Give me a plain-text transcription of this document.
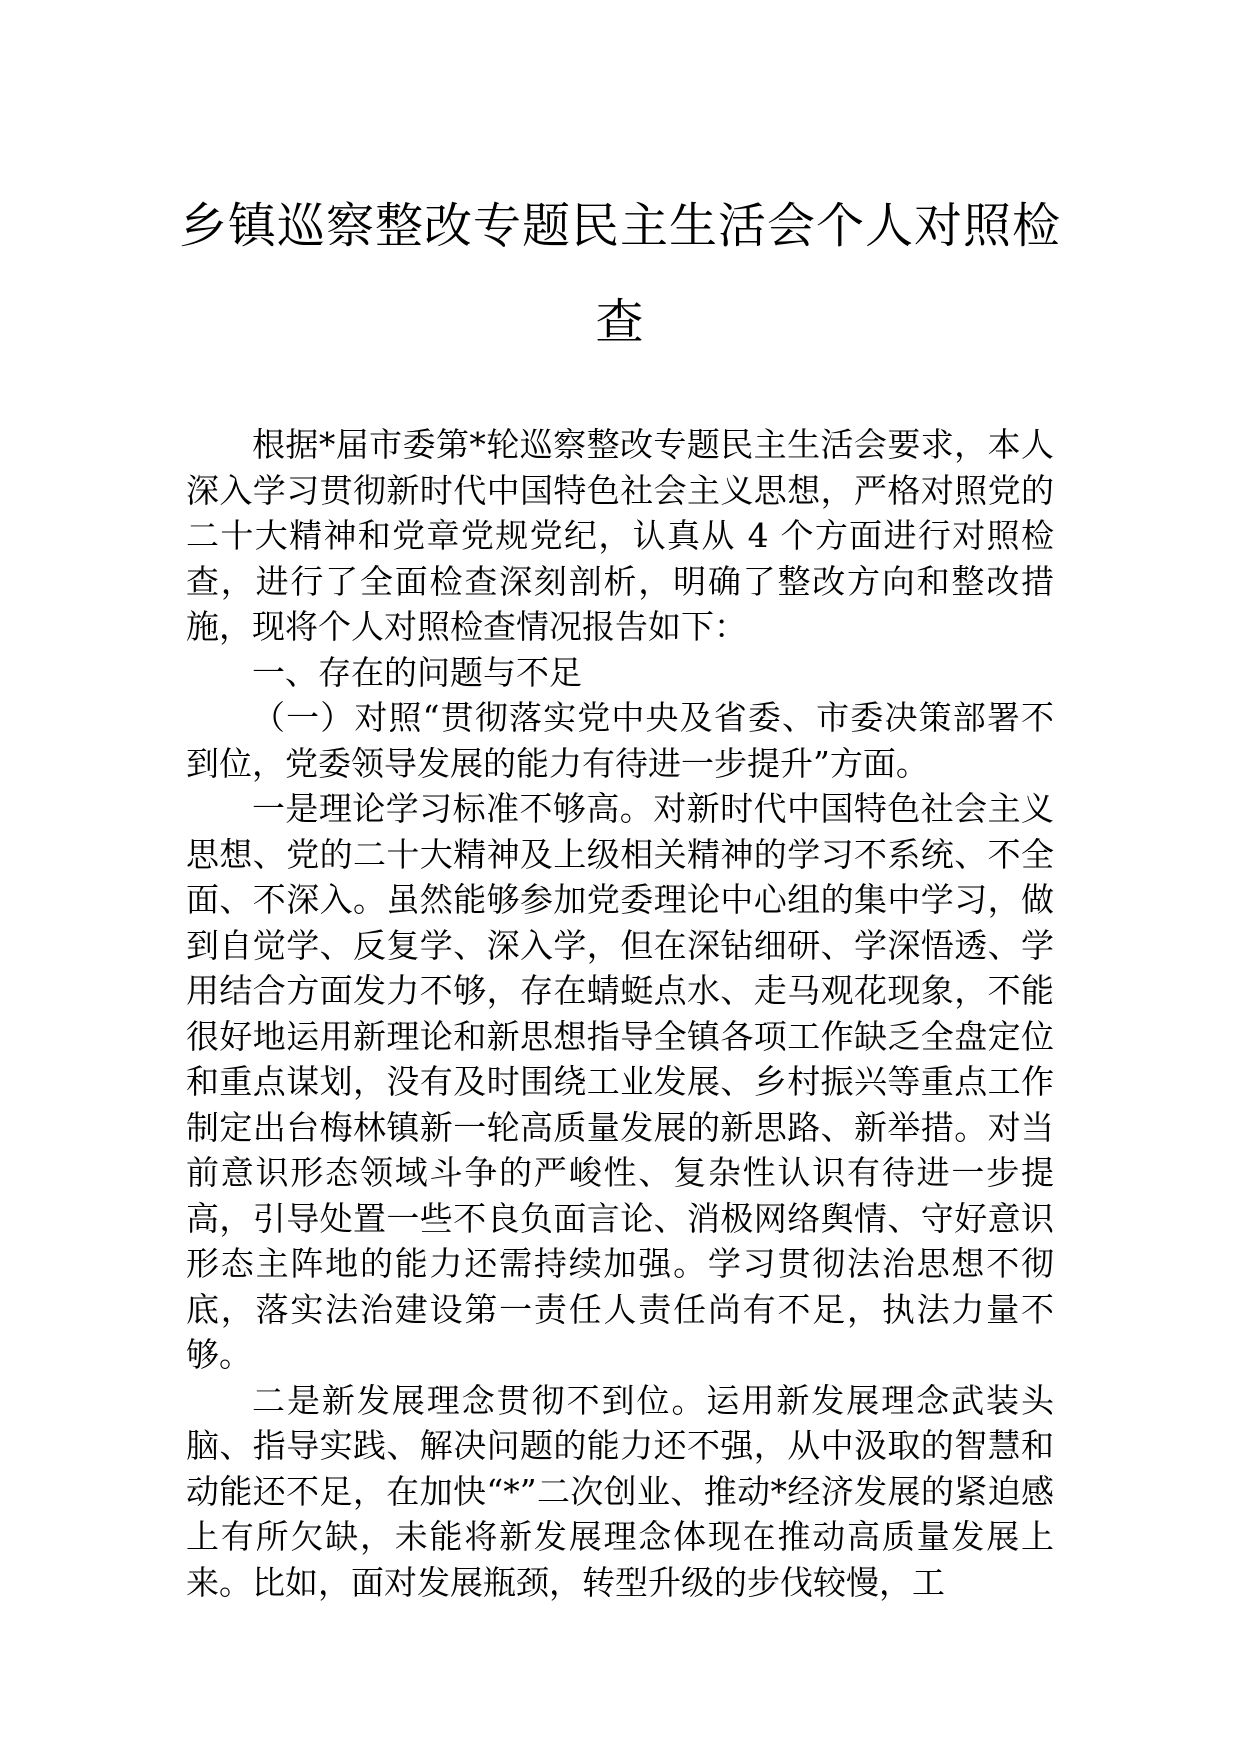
乡镇巡察整改专题民主生活会个人对照检查

根据*届市委第*轮巡察整改专题民主生活会要求，本人深入学习贯彻新时代中国特色社会主义思想，严格对照党的二十大精神和党章党规党纪，认真从 4 个方面进行对照检查，进行了全面检查深刻剖析，明确了整改方向和整改措施，现将个人对照检查情况报告如下：

一、存在的问题与不足

（一）对照“贯彻落实党中央及省委、市委决策部署不到位，党委领导发展的能力有待进一步提升”方面。

一是理论学习标准不够高。对新时代中国特色社会主义思想、党的二十大精神及上级相关精神的学习不系统、不全面、不深入。虽然能够参加党委理论中心组的集中学习，做到自觉学、反复学、深入学，但在深钻细研、学深悟透、学用结合方面发力不够，存在蜻蜓点水、走马观花现象，不能很好地运用新理论和新思想指导全镇各项工作缺乏全盘定位和重点谋划，没有及时围绕工业发展、乡村振兴等重点工作制定出台梅林镇新一轮高质量发展的新思路、新举措。对当前意识形态领域斗争的严峻性、复杂性认识有待进一步提高，引导处置一些不良负面言论、消极网络舆情、守好意识形态主阵地的能力还需持续加强。学习贯彻法治思想不彻底，落实法治建设第一责任人责任尚有不足，执法力量不够。

二是新发展理念贯彻不到位。运用新发展理念武装头脑、指导实践、解决问题的能力还不强，从中汲取的智慧和动能还不足，在加快“*”二次创业、推动*经济发展的紧迫感上有所欠缺，未能将新发展理念体现在推动高质量发展上来。比如，面对发展瓶颈，转型升级的步伐较慢，工
